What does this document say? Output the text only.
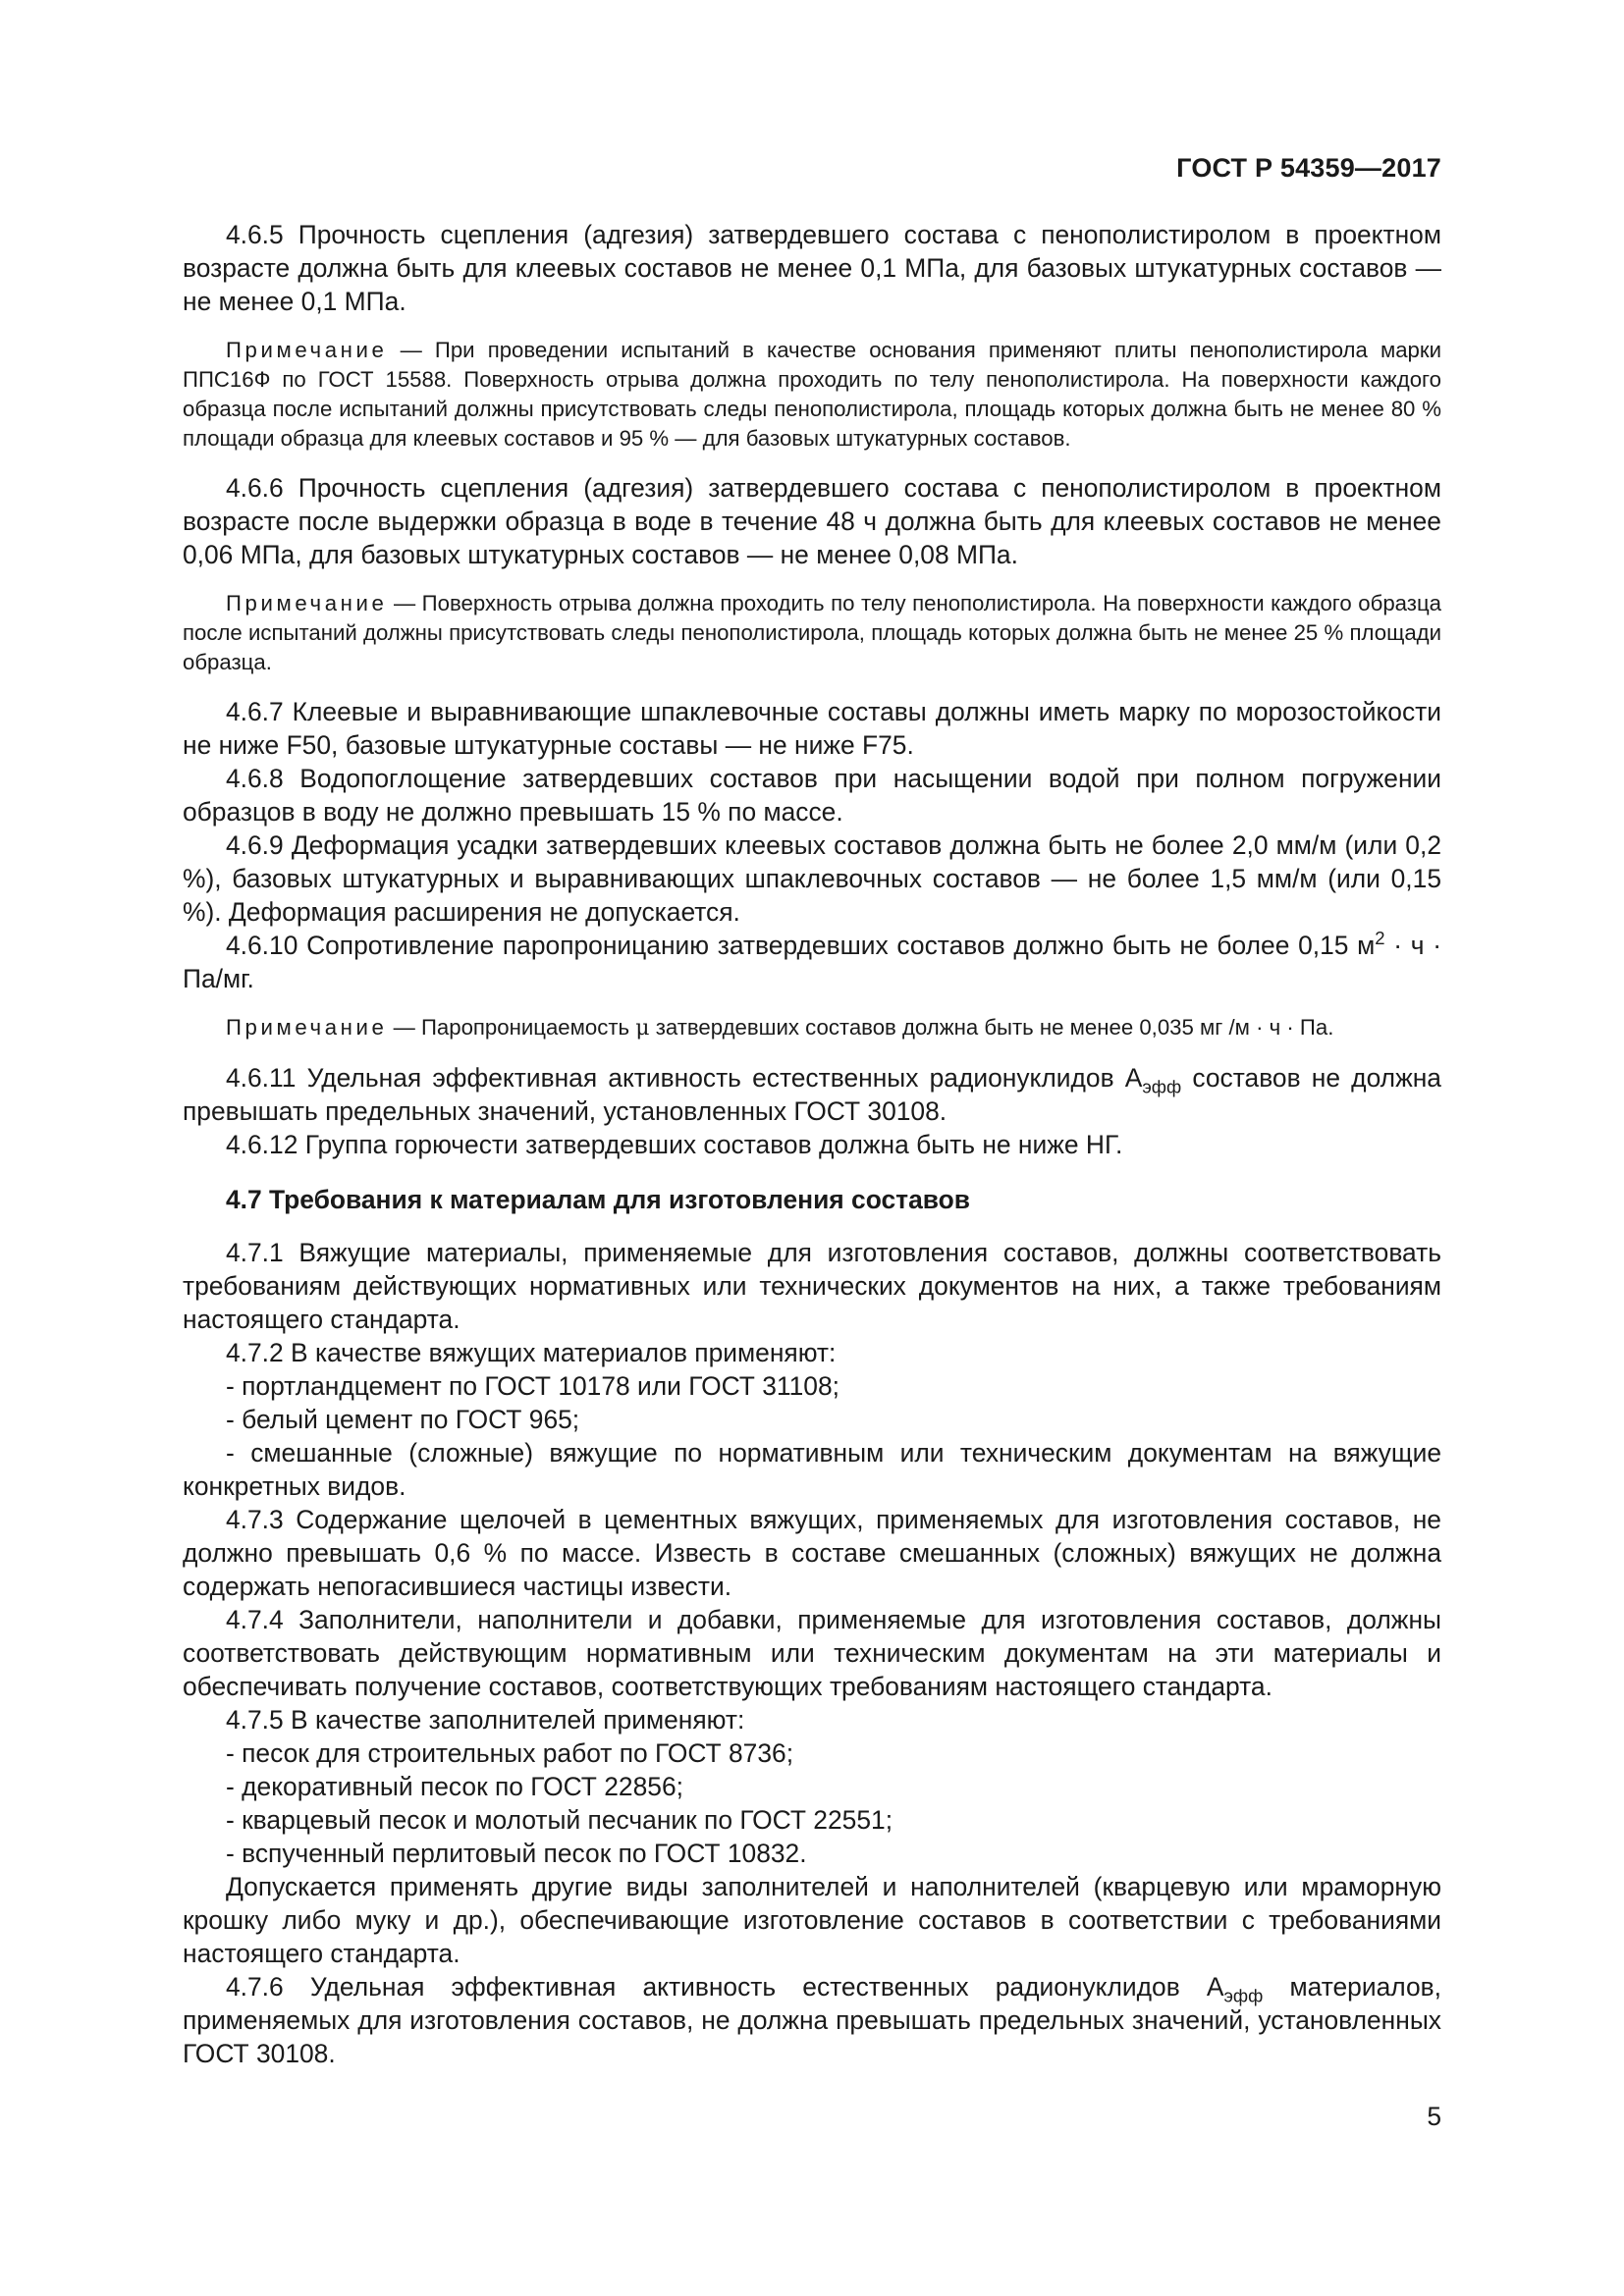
ГОСТ Р 54359—2017

4.6.5 Прочность сцепления (адгезия) затвердевшего состава с пенополистиролом в проектном возрасте должна быть для клеевых составов не менее 0,1 МПа, для базовых штукатурных составов — не менее 0,1 МПа.

Примечание — При проведении испытаний в качестве основания применяют плиты пенополистирола марки ППС16Ф по ГОСТ 15588. Поверхность отрыва должна проходить по телу пенополистирола. На поверхности каждого образца после испытаний должны присутствовать следы пенополистирола, площадь которых должна быть не менее 80 % площади образца для клеевых составов и 95 % — для базовых штукатурных составов.

4.6.6 Прочность сцепления (адгезия) затвердевшего состава с пенополистиролом в проектном возрасте после выдержки образца в воде в течение 48 ч должна быть для клеевых составов не менее 0,06 МПа, для базовых штукатурных составов — не менее 0,08 МПа.

Примечание — Поверхность отрыва должна проходить по телу пенополистирола. На поверхности каждого образца после испытаний должны присутствовать следы пенополистирола, площадь которых должна быть не менее 25 % площади образца.

4.6.7 Клеевые и выравнивающие шпаклевочные составы должны иметь марку по морозостойкости не ниже F50, базовые штукатурные составы — не ниже F75.

4.6.8 Водопоглощение затвердевших составов при насыщении водой при полном погружении образцов в воду не должно превышать 15 % по массе.

4.6.9 Деформация усадки затвердевших клеевых составов должна быть не более 2,0 мм/м (или 0,2 %), базовых штукатурных и выравнивающих шпаклевочных составов — не более 1,5 мм/м (или 0,15 %). Деформация расширения не допускается.

4.6.10 Сопротивление паропроницанию затвердевших составов должно быть не более 0,15 $м^2 \cdot ч \cdot Па/мг$.

Примечание — Паропроницаемость μ затвердевших составов должна быть не менее 0,035 мг /м · ч · Па.

4.6.11 Удельная эффективная активность естественных радионуклидов $А_{эфф}$ составов не должна превышать предельных значений, установленных ГОСТ 30108.

4.6.12 Группа горючести затвердевших составов должна быть не ниже НГ.

4.7 Требования к материалам для изготовления составов

4.7.1 Вяжущие материалы, применяемые для изготовления составов, должны соответствовать требованиям действующих нормативных или технических документов на них, а также требованиям настоящего стандарта.

4.7.2 В качестве вяжущих материалов применяют:

- портландцемент по ГОСТ 10178 или ГОСТ 31108;

- белый цемент по ГОСТ 965;

- смешанные (сложные) вяжущие по нормативным или техническим документам на вяжущие конкретных видов.

4.7.3 Содержание щелочей в цементных вяжущих, применяемых для изготовления составов, не должно превышать 0,6 % по массе. Известь в составе смешанных (сложных) вяжущих не должна содержать непогасившиеся частицы извести.

4.7.4 Заполнители, наполнители и добавки, применяемые для изготовления составов, должны соответствовать действующим нормативным или техническим документам на эти материалы и обеспечивать получение составов, соответствующих требованиям настоящего стандарта.

4.7.5 В качестве заполнителей применяют:

- песок для строительных работ по ГОСТ 8736;

- декоративный песок по ГОСТ 22856;

- кварцевый песок и молотый песчаник по ГОСТ 22551;

- вспученный перлитовый песок по ГОСТ 10832.

Допускается применять другие виды заполнителей и наполнителей (кварцевую или мраморную крошку либо муку и др.), обеспечивающие изготовление составов в соответствии с требованиями настоящего стандарта.

4.7.6 Удельная эффективная активность естественных радионуклидов $А_{эфф}$ материалов, применяемых для изготовления составов, не должна превышать предельных значений, установленных ГОСТ 30108.

5
